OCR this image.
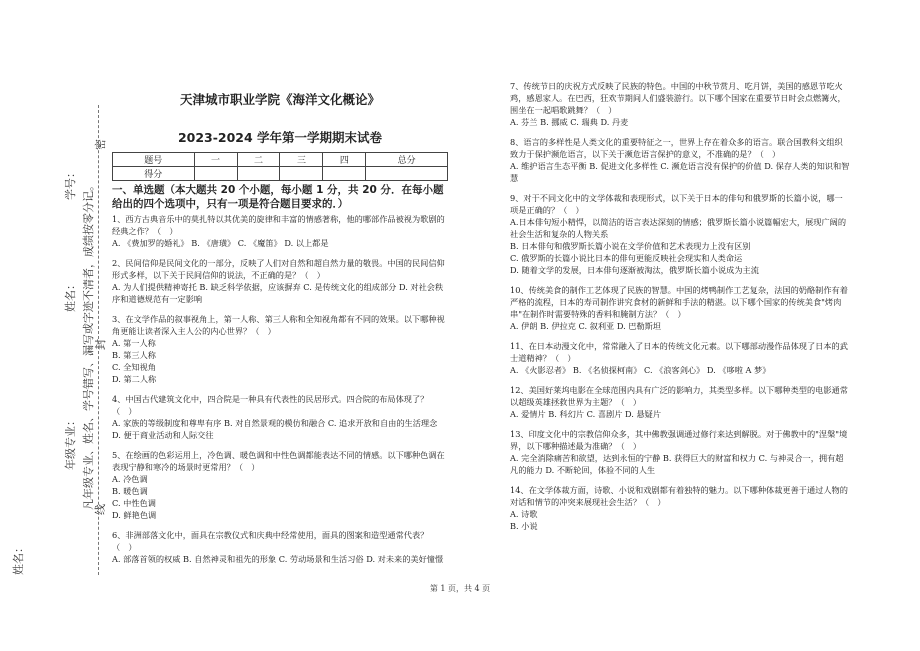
学号：
姓名：
年级专业：
姓名：
凡年级专业、姓名、学号错写、漏写或字迹不清者，成绩按零分记。
密
封
线
天津城市职业学院《海洋文化概论》
2023-2024 学年第一学期期末试卷
题号	一	二	三	四	总分
得分					
一、单选题（本大题共 20 个小题，每小题 1 分，共 20 分．在每小题给出的四个选项中，只有一项是符合题目要求的．）

1、西方古典音乐中的莫扎特以其优美的旋律和丰富的情感著称，他的哪部作品被视为歌剧的经典之作？（　）

A. 《费加罗的婚礼》 B. 《唐璜》 C. 《魔笛》 D. 以上都是

2、民间信仰是民间文化的一部分，反映了人们对自然和超自然力量的敬畏。中国的民间信仰形式多样，以下关于民间信仰的说法，不正确的是？（　）

A. 为人们提供精神寄托 B. 缺乏科学依据，应该摒弃 C. 是传统文化的组成部分 D. 对社会秩序和道德规范有一定影响

3、在文学作品的叙事视角上，第一人称、第三人称和全知视角都有不同的效果。以下哪种视角更能让读者深入主人公的内心世界？（　）

A. 第一人称
B. 第三人称
C. 全知视角
D. 第二人称

4、中国古代建筑文化中，四合院是一种具有代表性的民居形式。四合院的布局体现了？（　）

A. 家族的等级制度和尊卑有序 B. 对自然景观的模仿和融合 C. 追求开放和自由的生活理念 D. 便于商业活动和人际交往

5、在绘画的色彩运用上，冷色调、暖色调和中性色调都能表达不同的情感。以下哪种色调在表现宁静和寒冷的场景时更常用？（　）

A. 冷色调
B. 暖色调
C. 中性色调
D. 鲜艳色调

6、非洲部落文化中，面具在宗教仪式和庆典中经常使用，面具的图案和造型通常代表？（　）

A. 部落首领的权威 B. 自然神灵和祖先的形象 C. 劳动场景和生活习俗 D. 对未来的美好憧憬

7、传统节日的庆祝方式反映了民族的特色。中国的中秋节赏月、吃月饼，美国的感恩节吃火鸡，感恩家人。在巴西，狂欢节期间人们盛装游行。以下哪个国家在重要节日时会点燃篝火，围坐在一起唱歌跳舞？（　）

A. 芬兰 B. 挪威 C. 瑞典 D. 丹麦

8、语言的多样性是人类文化的重要特征之一，世界上存在着众多的语言。联合国教科文组织致力于保护濒危语言，以下关于濒危语言保护的意义，不准确的是？（　）

A. 维护语言生态平衡 B. 促进文化多样性 C. 濒危语言没有保护的价值 D. 保存人类的知识和智慧

9、对于不同文化中的文学体裁和表现形式，以下关于日本的俳句和俄罗斯的长篇小说，哪一项是正确的？（　）

A.日本俳句短小精悍，以简洁的语言表达深刻的情感；俄罗斯长篇小说篇幅宏大，展现广阔的社会生活和复杂的人物关系
B. 日本俳句和俄罗斯长篇小说在文学价值和艺术表现力上没有区别
C. 俄罗斯的长篇小说比日本的俳句更能反映社会现实和人类命运
D. 随着文学的发展，日本俳句逐渐被淘汰，俄罗斯长篇小说成为主流

10、传统美食的制作工艺体现了民族的智慧。中国的烤鸭制作工艺复杂，法国的奶酪制作有着严格的流程，日本的寿司制作讲究食材的新鲜和手法的精湛。以下哪个国家的传统美食"烤肉串"在制作时需要特殊的香料和腌制方法？（　）

A. 伊朗 B. 伊拉克 C. 叙利亚 D. 巴勒斯坦

11、在日本动漫文化中，常常融入了日本的传统文化元素。以下哪部动漫作品体现了日本的武士道精神？（　）

A. 《火影忍者》 B. 《名侦探柯南》 C. 《浪客剑心》 D. 《哆啦 A 梦》

12、美国好莱坞电影在全球范围内具有广泛的影响力，其类型多样。以下哪种类型的电影通常以超级英雄拯救世界为主题？（　）

A. 爱情片 B. 科幻片 C. 喜剧片 D. 悬疑片

13、印度文化中的宗教信仰众多，其中佛教强调通过修行来达到解脱。对于佛教中的"涅槃"境界，以下哪种描述最为准确？（　）

A. 完全消除痛苦和欲望，达到永恒的宁静 B. 获得巨大的财富和权力 C. 与神灵合一，拥有超凡的能力 D. 不断轮回，体验不同的人生

14、在文学体裁方面，诗歌、小说和戏剧都有着独特的魅力。以下哪种体裁更善于通过人物的对话和情节的冲突来展现社会生活？（　）

A. 诗歌
B. 小说
第 1 页，共 4 页
